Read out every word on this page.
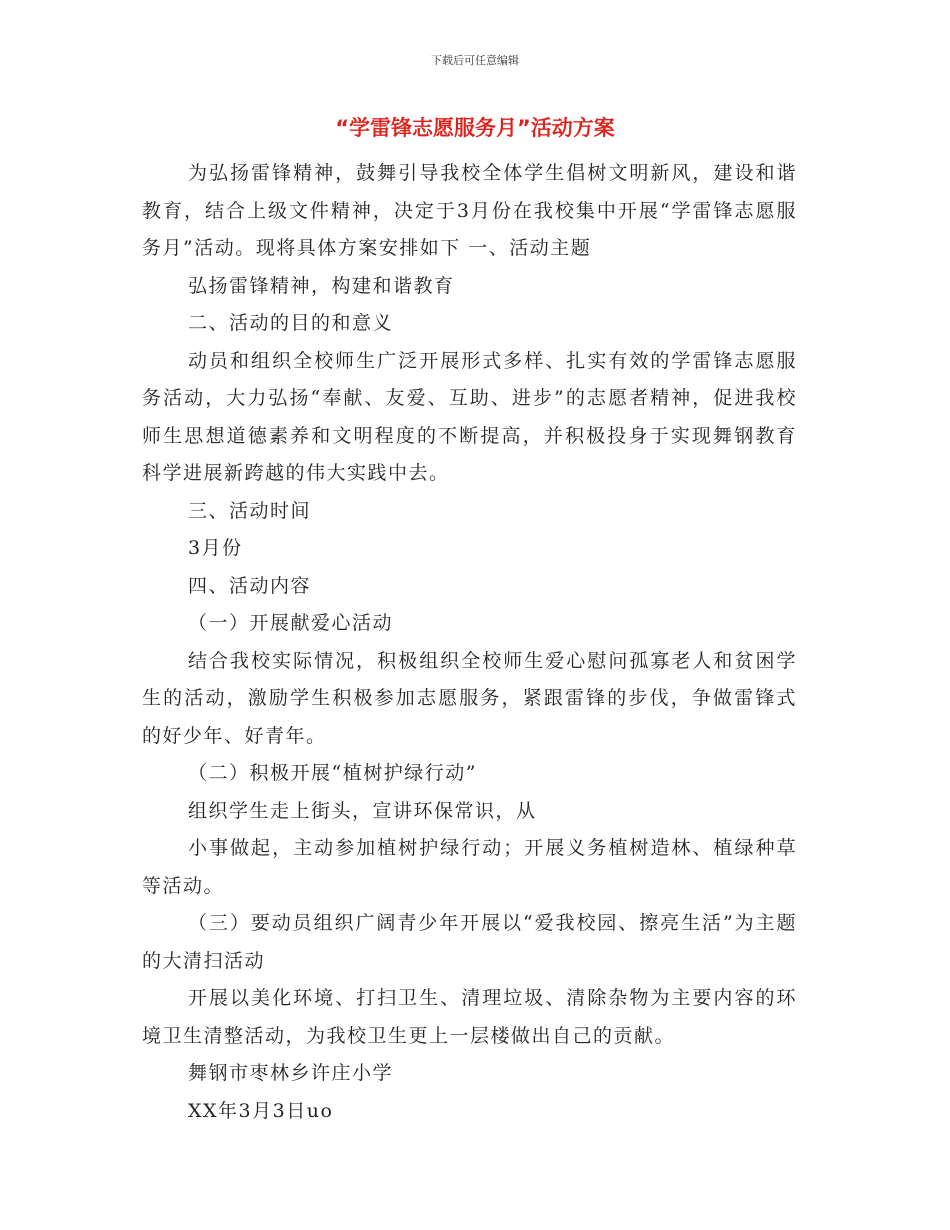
下载后可任意编辑
“学雷锋志愿服务月”活动方案

为弘扬雷锋精神，鼓舞引导我校全体学生倡树文明新风，建设和谐教育，结合上级文件精神，决定于3月份在我校集中开展“学雷锋志愿服务月”活动。现将具体方案安排如下 一、活动主题

弘扬雷锋精神，构建和谐教育

二、活动的目的和意义

动员和组织全校师生广泛开展形式多样、扎实有效的学雷锋志愿服务活动，大力弘扬“奉献、友爱、互助、进步”的志愿者精神，促进我校师生思想道德素养和文明程度的不断提高，并积极投身于实现舞钢教育科学进展新跨越的伟大实践中去。

三、活动时间

3月份

四、活动内容

（一）开展献爱心活动

结合我校实际情况，积极组织全校师生爱心慰问孤寡老人和贫困学生的活动，激励学生积极参加志愿服务，紧跟雷锋的步伐，争做雷锋式的好少年、好青年。

（二）积极开展“植树护绿行动”

组织学生走上街头，宣讲环保常识，从

小事做起，主动参加植树护绿行动；开展义务植树造林、植绿种草等活动。

（三）要动员组织广阔青少年开展以“爱我校园、擦亮生活”为主题的大清扫活动

开展以美化环境、打扫卫生、清理垃圾、清除杂物为主要内容的环境卫生清整活动，为我校卫生更上一层楼做出自己的贡献。

舞钢市枣林乡许庄小学

XX年3月3日uo
